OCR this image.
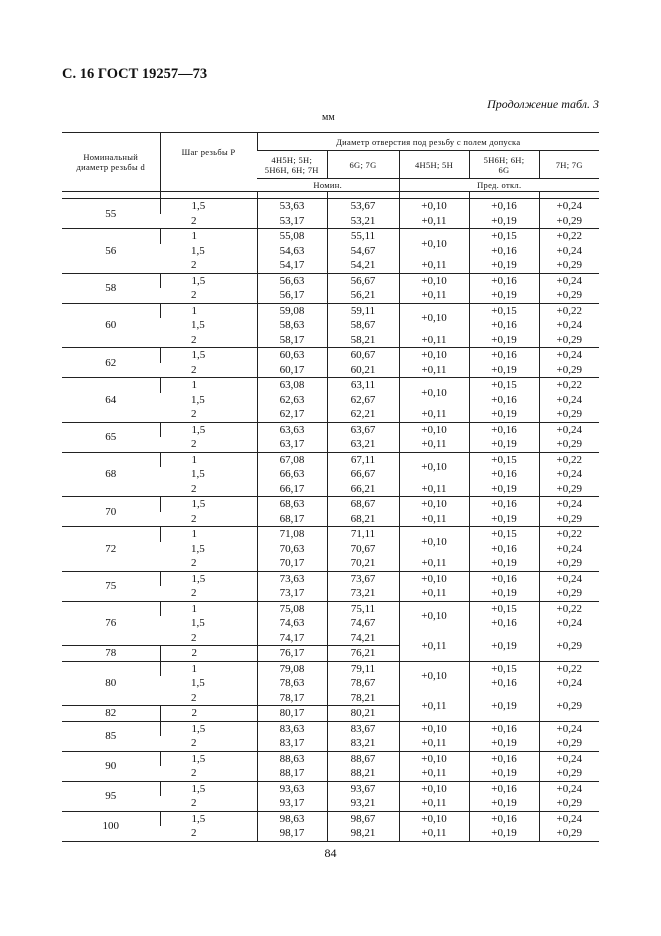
С. 16 ГОСТ 19257—73
Продолжение табл. 3
мм
Номинальный диаметр резьбы d	Шаг резьбы P	Диаметр отверстия под резьбу с полем допуска				
		4H5H; 5H; 5H6H, 6H; 7H	6G; 7G	4H5H; 5H	5H6H; 6H; 6G	7H; 7G
		Номин.		Пред. откл.		

55	1,5	53,63	53,67	+0,10	+0,16	+0,24
	2	53,17	53,21	+0,11	+0,19	+0,29
56	1	55,08	55,11	+0,10	+0,15	+0,22
	1,5	54,63	54,67		+0,16	+0,24
	2	54,17	54,21	+0,11	+0,19	+0,29
58	1,5	56,63	56,67	+0,10	+0,16	+0,24
	2	56,17	56,21	+0,11	+0,19	+0,29
60	1	59,08	59,11	+0,10	+0,15	+0,22
	1,5	58,63	58,67		+0,16	+0,24
	2	58,17	58,21	+0,11	+0,19	+0,29
62	1,5	60,63	60,67	+0,10	+0,16	+0,24
	2	60,17	60,21	+0,11	+0,19	+0,29
64	1	63,08	63,11	+0,10	+0,15	+0,22
	1,5	62,63	62,67		+0,16	+0,24
	2	62,17	62,21	+0,11	+0,19	+0,29
65	1,5	63,63	63,67	+0,10	+0,16	+0,24
	2	63,17	63,21	+0,11	+0,19	+0,29
68	1	67,08	67,11	+0,10	+0,15	+0,22
	1,5	66,63	66,67		+0,16	+0,24
	2	66,17	66,21	+0,11	+0,19	+0,29
70	1,5	68,63	68,67	+0,10	+0,16	+0,24
	2	68,17	68,21	+0,11	+0,19	+0,29
72	1	71,08	71,11	+0,10	+0,15	+0,22
	1,5	70,63	70,67		+0,16	+0,24
	2	70,17	70,21	+0,11	+0,19	+0,29
75	1,5	73,63	73,67	+0,10	+0,16	+0,24
	2	73,17	73,21	+0,11	+0,19	+0,29
76	1	75,08	75,11	+0,10	+0,15	+0,22
	1,5	74,63	74,67		+0,16	+0,24
	2	74,17	74,21	+0,11	+0,19	+0,29
78	2	76,17	76,21			
80	1	79,08	79,11	+0,10	+0,15	+0,22
	1,5	78,63	78,67		+0,16	+0,24
	2	78,17	78,21	+0,11	+0,19	+0,29
82	2	80,17	80,21			
85	1,5	83,63	83,67	+0,10	+0,16	+0,24
	2	83,17	83,21	+0,11	+0,19	+0,29
90	1,5	88,63	88,67	+0,10	+0,16	+0,24
	2	88,17	88,21	+0,11	+0,19	+0,29
95	1,5	93,63	93,67	+0,10	+0,16	+0,24
	2	93,17	93,21	+0,11	+0,19	+0,29
100	1,5	98,63	98,67	+0,10	+0,16	+0,24
	2	98,17	98,21	+0,11	+0,19	+0,29
84
